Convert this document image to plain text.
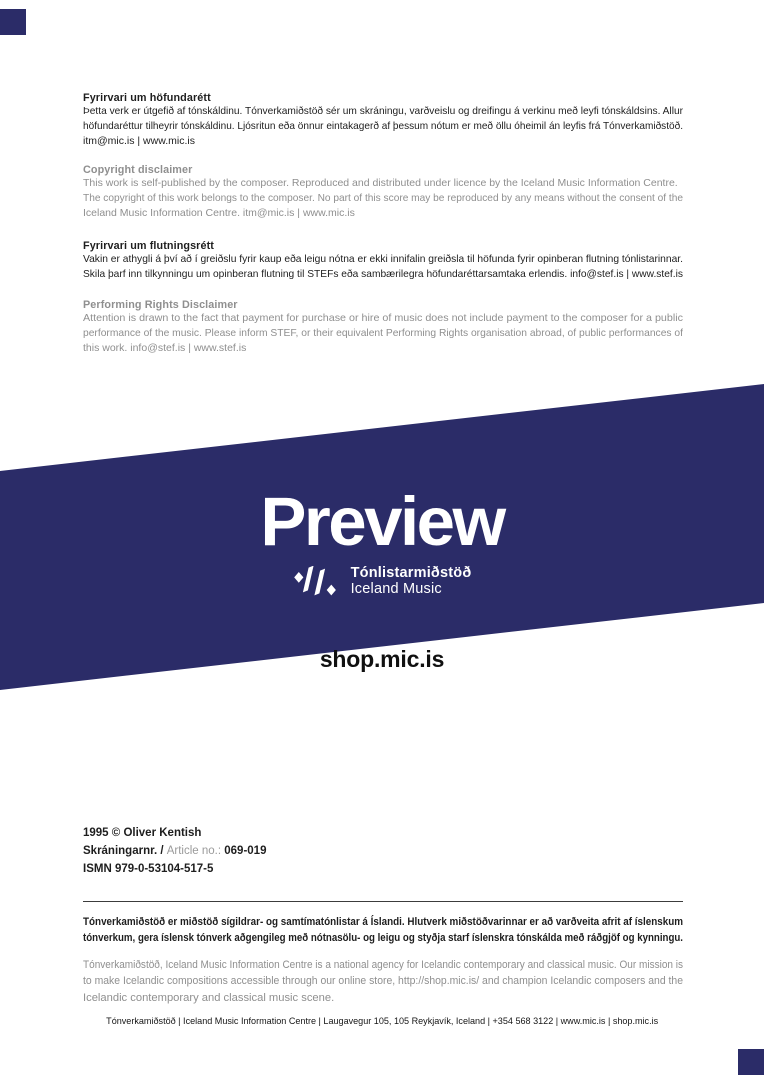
Fyrirvari um höfundarétt
Þetta verk er útgefið af tónskáldinu. Tónverkamiðstöð sér um skráningu, varðveislu og dreifingu á verkinu með leyfi tónskáldsins. Allur
höfundaréttur tilheyrir tónskáldinu. Ljósritun eða önnur eintakagerð af þessum nótum er með öllu óheimil án leyfis frá Tónverkamiðstöð.
itm@mic.is | www.mic.is
Copyright disclaimer
This work is self-published by the composer. Reproduced and distributed under licence by the Iceland Music Information Centre.
The copyright of this work belongs to the composer. No part of this score may be reproduced by any means without the consent of the
Iceland Music Information Centre. itm@mic.is | www.mic.is
Fyrirvari um flutningsrétt
Vakin er athygli á því að í greiðslu fyrir kaup eða leigu nótna er ekki innifalin greiðsla til höfunda fyrir opinberan flutning tónlistarinnar.
Skila þarf inn tilkynningu um opinberan flutning til STEFs eða sambærilegra höfundaréttarsamtaka erlendis. info@stef.is | www.stef.is
Performing Rights Disclaimer
Attention is drawn to the fact that payment for purchase or hire of music does not include payment to the composer for a public
performance of the music. Please inform STEF, or their equivalent Performing Rights organisation abroad, of public performances of
this work. info@stef.is | www.stef.is
Preview
Tónlistarmiðstöð
Iceland Music
shop.mic.is
1995 © Oliver Kentish
Skráningarnr. / Article no.: 069-019
ISMN 979-0-53104-517-5
Tónverkamiðstöð er miðstöð sígildrar- og samtímatónlistar á Íslandi. Hlutverk miðstöðvarinnar er að varðveita afrit af íslenskum
tónverkum, gera íslensk tónverk aðgengileg með nótnasölu- og leigu og styðja starf íslenskra tónskálda með ráðgjöf og kynningu.
Tónverkamiðstöð, Iceland Music Information Centre is a national agency for Icelandic contemporary and classical music. Our mission is
to make Icelandic compositions accessible through our online store, http://shop.mic.is/ and champion Icelandic composers and the
Icelandic contemporary and classical music scene.
Tónverkamiðstöð | Iceland Music Information Centre | Laugavegur 105, 105 Reykjavík, Iceland | +354 568 3122 | www.mic.is | shop.mic.is
